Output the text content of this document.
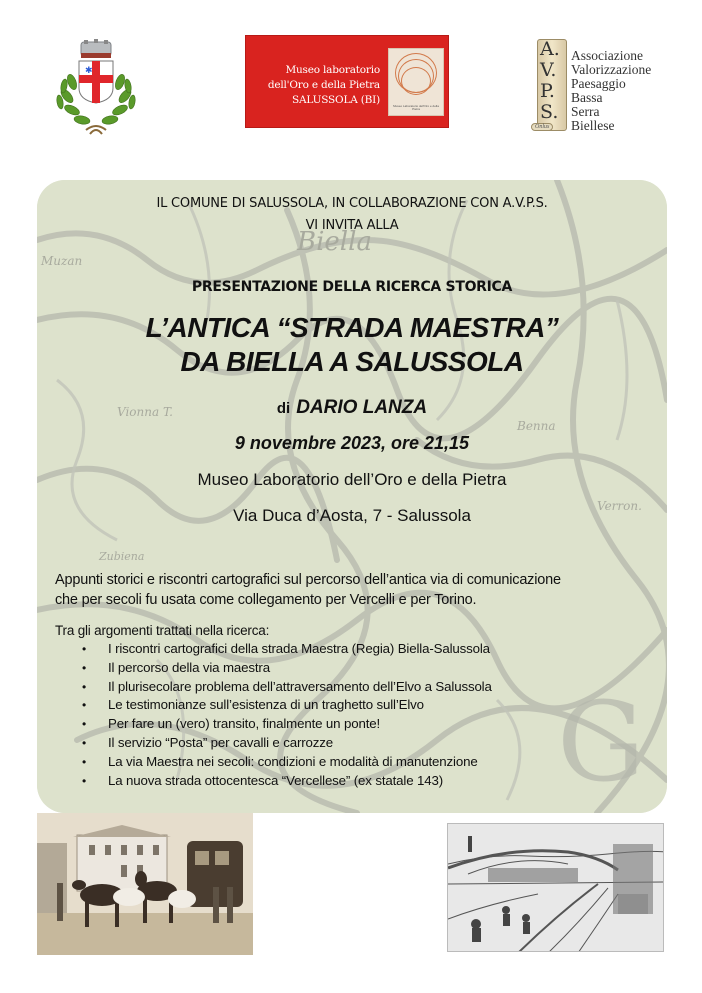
✱	Museo laboratorio
dell'Oro e della Pietra
SALUSSOLA (BI)	Museo Laboratorio dell'Oro e della Pietra
A.
V.
P.
S.
Associazione
Valorizzazione
Paesaggio
Bassa
Serra
Biellese
Onlus
Biella
Muzan
Vionna T.
Zubiena
Benna
Verron.
G
IL COMUNE DI SALUSSOLA, IN COLLABORAZIONE CON A.V.P.S.
VI INVITA ALLA
PRESENTAZIONE DELLA RICERCA STORICA
L’ANTICA “STRADA MAESTRA”
DA BIELLA A SALUSSOLA
di DARIO LANZA
9 novembre 2023, ore 21,15
Museo Laboratorio dell’Oro e della Pietra
Via Duca d’Aosta, 7 - Salussola
Appunti storici e riscontri cartografici sul percorso dell’antica via di comunicazione
che per secoli fu usata come collegamento per Vercelli e per Torino.
Tra gli argomenti trattati nella ricerca:
• I riscontri cartografici della strada Maestra (Regia) Biella-Salussola
• Il percorso della via maestra
• Il plurisecolare problema dell’attraversamento dell’Elvo a Salussola
• Le testimonianze sull’esistenza di un traghetto sull’Elvo
• Per fare un (vero) transito, finalmente un ponte!
• Il servizio “Posta” per cavalli e carrozze
• La via Maestra nei secoli: condizioni e modalità di manutenzione
• La nuova strada ottocentesca “Vercellese” (ex statale 143)
